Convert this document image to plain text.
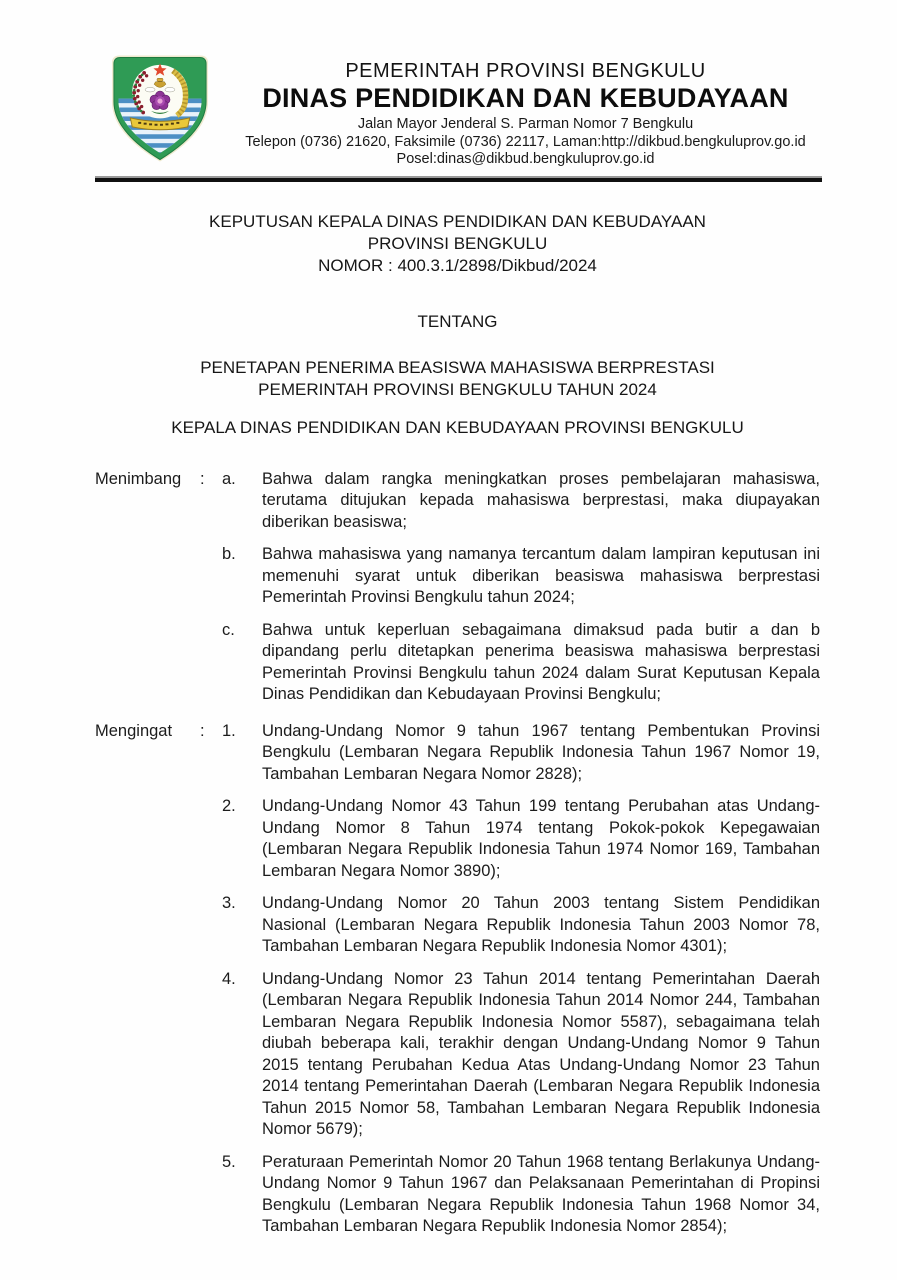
PEMERINTAH PROVINSI BENGKULU
DINAS PENDIDIKAN DAN KEBUDAYAAN
Jalan Mayor Jenderal S. Parman Nomor 7 Bengkulu
Telepon (0736) 21620, Faksimile (0736) 22117, Laman:http://dikbud.bengkuluprov.go.id
Posel:dinas@dikbud.bengkuluprov.go.id
KEPUTUSAN KEPALA DINAS PENDIDIKAN DAN KEBUDAYAAN
PROVINSI BENGKULU
NOMOR : 400.3.1/2898/Dikbud/2024
TENTANG
PENETAPAN PENERIMA BEASISWA MAHASISWA BERPRESTASI
PEMERINTAH PROVINSI BENGKULU TAHUN 2024
KEPALA DINAS PENDIDIKAN DAN KEBUDAYAAN PROVINSI BENGKULU
Menimbang	:	a.	Bahwa dalam rangka meningkatkan proses pembelajaran mahasiswa, terutama ditujukan kepada mahasiswa berprestasi, maka diupayakan diberikan beasiswa;
b.	Bahwa mahasiswa yang namanya tercantum dalam lampiran keputusan ini memenuhi syarat untuk diberikan beasiswa mahasiswa berprestasi Pemerintah Provinsi Bengkulu tahun 2024;
c.	Bahwa untuk keperluan sebagaimana dimaksud pada butir a dan b dipandang perlu ditetapkan penerima beasiswa mahasiswa berprestasi Pemerintah Provinsi Bengkulu tahun 2024 dalam Surat Keputusan Kepala Dinas Pendidikan dan Kebudayaan Provinsi Bengkulu;
Mengingat	:	1.	Undang-Undang Nomor 9 tahun 1967 tentang Pembentukan Provinsi Bengkulu (Lembaran Negara Republik Indonesia Tahun 1967 Nomor 19, Tambahan Lembaran Negara Nomor 2828);
2.	Undang-Undang Nomor 43 Tahun 199 tentang Perubahan atas Undang-Undang Nomor 8 Tahun 1974 tentang Pokok-pokok Kepegawaian (Lembaran Negara Republik Indonesia Tahun 1974 Nomor 169, Tambahan Lembaran Negara Nomor 3890);
3.	Undang-Undang Nomor 20 Tahun 2003 tentang Sistem Pendidikan Nasional (Lembaran Negara Republik Indonesia Tahun 2003 Nomor 78, Tambahan Lembaran Negara Republik Indonesia Nomor 4301);
4.	Undang-Undang Nomor 23 Tahun 2014 tentang Pemerintahan Daerah (Lembaran Negara Republik Indonesia Tahun 2014 Nomor 244, Tambahan Lembaran Negara Republik Indonesia Nomor 5587), sebagaimana telah diubah beberapa kali, terakhir dengan Undang-Undang Nomor 9 Tahun 2015 tentang Perubahan Kedua Atas Undang-Undang Nomor 23 Tahun 2014 tentang Pemerintahan Daerah (Lembaran Negara Republik Indonesia Tahun 2015 Nomor 58, Tambahan Lembaran Negara Republik Indonesia Nomor 5679);
5.	Peraturaan Pemerintah Nomor 20 Tahun 1968 tentang Berlakunya Undang-Undang Nomor 9 Tahun 1967 dan Pelaksanaan Pemerintahan di Propinsi Bengkulu (Lembaran Negara Republik Indonesia Tahun 1968 Nomor 34, Tambahan Lembaran Negara Republik Indonesia Nomor 2854);
